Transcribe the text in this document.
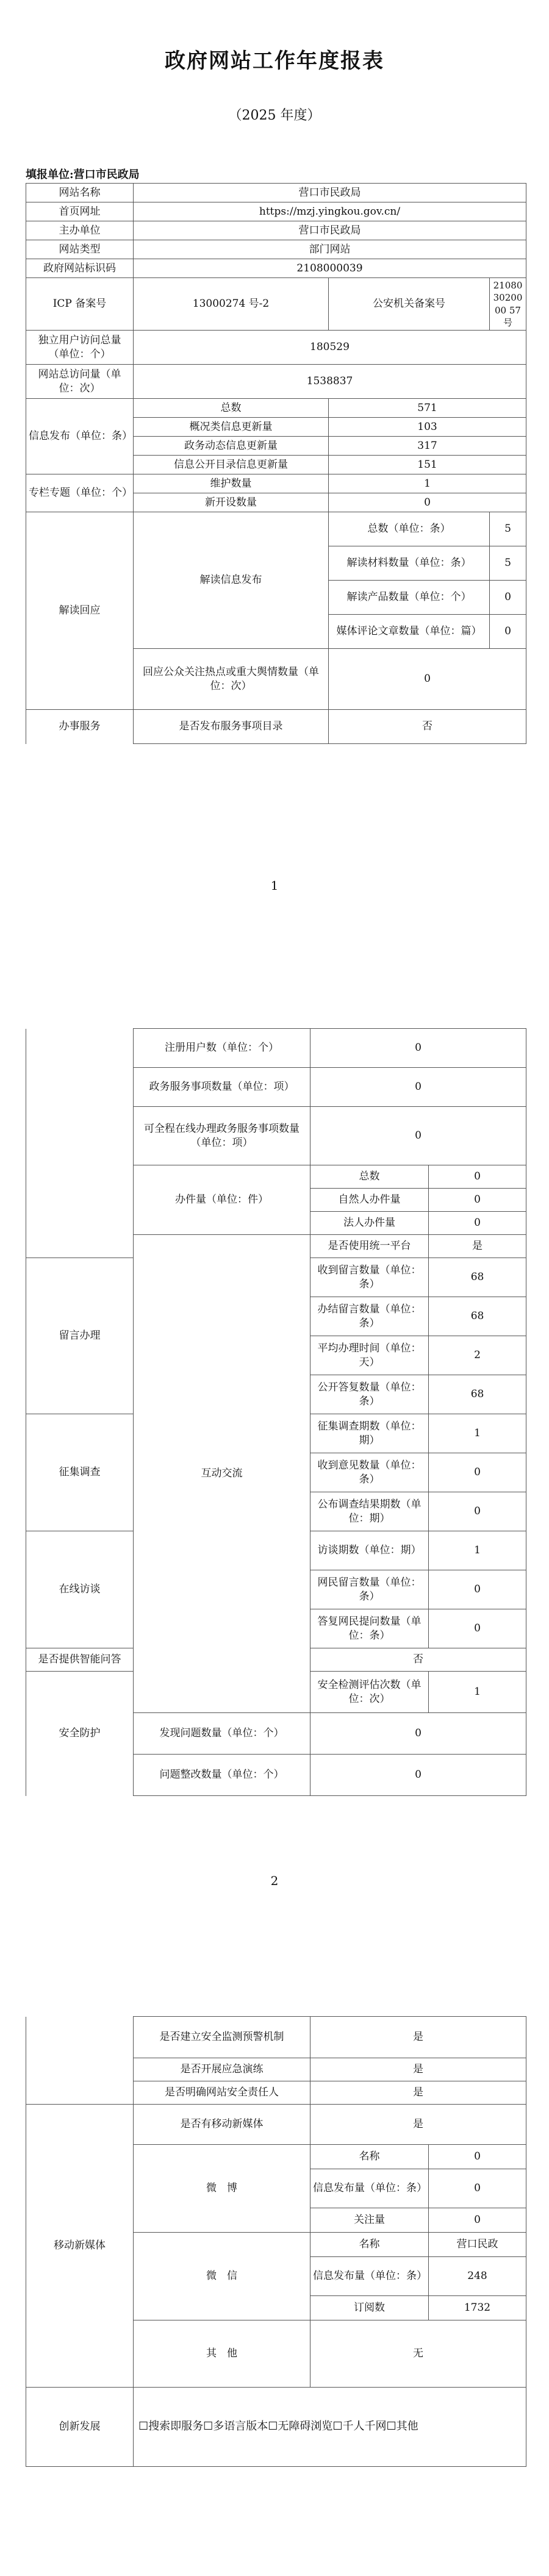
政府网站工作年度报表
（2025 年度）
填报单位:营口市民政局
网站名称	营口市民政局		
首页网址	https://mzj.yingkou.gov.cn/		
主办单位	营口市民政局		
网站类型	部门网站		
政府网站标识码	2108000039		
ICP 备案号	13000274 号-2	公安机关备案号	210803020000 57 号
独立用户访问总量（单位：个）	180529		
网站总访问量（单位：次）	1538837		
信息发布（单位：条）	总数	571	
	概况类信息更新量	103	
	政务动态信息更新量	317	
	信息公开目录信息更新量	151	
专栏专题（单位：个）	维护数量	1	
	新开设数量	0	
解读回应	解读信息发布	总数（单位：条）	5
		解读材料数量（单位：条）	5
		解读产品数量（单位：个）	0
		媒体评论文章数量（单位：篇）	0
	回应公众关注热点或重大舆情数量（单位：次）	0	
办事服务	是否发布服务事项目录	否	
1
	注册用户数（单位：个）	0	
	政务服务事项数量（单位：项）	0	
	可全程在线办理政务服务事项数量（单位：项）	0	
	办件量（单位：件）	总数	0
		自然人办件量	0
		法人办件量	0
	互动交流	是否使用统一平台	是
留言办理		收到留言数量（单位：条）	68
		办结留言数量（单位：条）	68
		平均办理时间（单位：天）	2
		公开答复数量（单位：条）	68
征集调查		征集调查期数（单位：期）	1
		收到意见数量（单位：条）	0
		公布调查结果期数（单位：期）	0
在线访谈		访谈期数（单位：期）	1
		网民留言数量（单位：条）	0
		答复网民提问数量（单位：条）	0
是否提供智能问答		否	
安全防护		安全检测评估次数（单位：次）	1
	发现问题数量（单位：个）	0	
	问题整改数量（单位：个）	0	
2
	是否建立安全监测预警机制	是	
	是否开展应急演练	是	
	是否明确网站安全责任人	是	
移动新媒体	是否有移动新媒体	是	
	微　博	名称	0
		信息发布量（单位：条）	0
		关注量	0
	微　信	名称	营口民政
		信息发布量（单位：条）	248
		订阅数	1732
	其　他	无	
创新发展	☐搜索即服务☐多语言版本☐无障碍浏览☐千人千网☐其他		
